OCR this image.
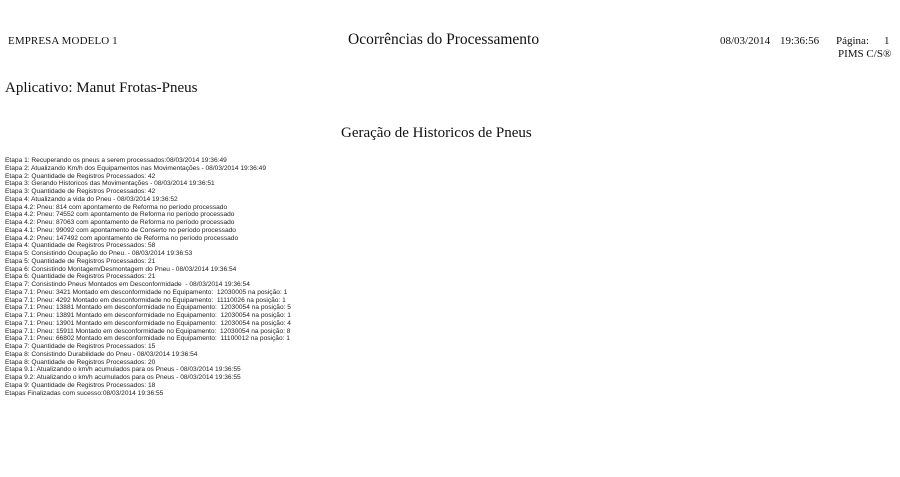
EMPRESA MODELO 1	Ocorrências do Processamento	08/03/2014 19:36:56 Página: 1
PIMS C/S®
Aplicativo: Manut Frotas-Pneus
Geração de Historicos de Pneus
Etapa 1: Recuperando os pneus a serem processados:08/03/2014 19:36:49
Etapa 2: Atualizando Km/h dos Equipamentos nas Movimentações - 08/03/2014 19:36:49
Etapa 2: Quantidade de Registros Processados: 42
Etapa 3: Gerando Historicos das Movimentações - 08/03/2014 19:36:51
Etapa 3: Quantidade de Registros Processados: 42
Etapa 4: Atualizando a vida do Pneu - 08/03/2014 19:36:52
Etapa 4.2: Pneu: 814 com apontamento de Reforma no período processado
Etapa 4.2: Pneu: 74552 com apontamento de Reforma no período processado
Etapa 4.2: Pneu: 87063 com apontamento de Reforma no período processado
Etapa 4.1: Pneu: 99092 com apontamento de Conserto no período processado
Etapa 4.2: Pneu: 147492 com apontamento de Reforma no período processado
Etapa 4: Quantidade de Registros Processados: 58
Etapa 5: Consistindo Ocupação do Pneu. - 08/03/2014 19:36:53
Etapa 5: Quantidade de Registros Processados: 21
Etapa 6: Consistindo Montagem/Desmontagem do Pneu - 08/03/2014 19:36:54
Etapa 6: Quantidade de Registros Processados: 21
Etapa 7: Consistindo Pneus Montados em Desconformidade  - 08/03/2014 19:36:54
Etapa 7.1: Pneu: 3421 Montado em desconformidade no Equipamento:  12030005 na posição: 1
Etapa 7.1: Pneu: 4292 Montado em desconformidade no Equipamento:  11110026 na posição: 1
Etapa 7.1: Pneu: 13881 Montado em desconformidade no Equipamento:  12030054 na posição: 5
Etapa 7.1: Pneu: 13891 Montado em desconformidade no Equipamento:  12030054 na posição: 1
Etapa 7.1: Pneu: 13901 Montado em desconformidade no Equipamento:  12030054 na posição: 4
Etapa 7.1: Pneu: 15911 Montado em desconformidade no Equipamento:  12030054 na posição: 8
Etapa 7.1: Pneu: 66802 Montado em desconformidade no Equipamento:  11100012 na posição: 1
Etapa 7: Quantidade de Registros Processados: 15
Etapa 8: Consistindo Durabilidade do Pneu - 08/03/2014 19:36:54
Etapa 8: Quantidade de Registros Processados: 20
Etapa 9.1: Atualizando o km/h acumulados para os Pneus - 08/03/2014 19:36:55
Etapa 9.2: Atualizando o km/h acumulados para os Pneus - 08/03/2014 19:36:55
Etapa 9: Quantidade de Registros Processados: 18
Etapas Finalizadas com sucesso:08/03/2014 19:36:55
